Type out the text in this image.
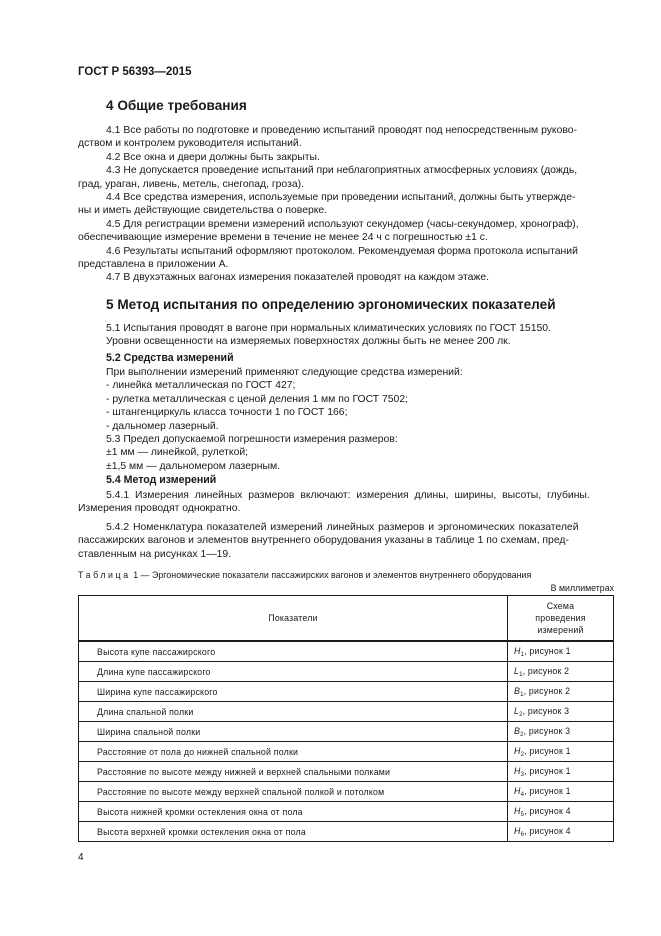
ГОСТ Р 56393—2015
4 Общие требования
4.1 Все работы по подготовке и проведению испытаний проводят под непосредственным руково-
дством и контролем руководителя испытаний.
4.2 Все окна и двери должны быть закрыты.
4.3 Не допускается проведение испытаний при неблагоприятных атмосферных условиях (дождь,
град, ураган, ливень, метель, снегопад, гроза).
4.4 Все средства измерения, используемые при проведении испытаний, должны быть утвержде-
ны и иметь действующие свидетельства о поверке.
4.5 Для регистрации времени измерений используют секундомер (часы-секундомер, хронограф),
обеспечивающие измерение времени в течение не менее 24 ч с погрешностью ±1 с.
4.6 Результаты испытаний оформляют протоколом. Рекомендуемая форма протокола испытаний
представлена в приложении А.
4.7 В двухэтажных вагонах измерения показателей проводят на каждом этаже.
5 Метод испытания по определению эргономических показателей
5.1 Испытания проводят в вагоне при нормальных климатических условиях по ГОСТ 15150.
Уровни освещенности на измеряемых поверхностях должны быть не менее 200 лк.
5.2 Средства измерений
При выполнении измерений применяют следующие средства измерений:
- линейка металлическая по ГОСТ 427;
- рулетка металлическая с ценой деления 1 мм по ГОСТ 7502;
- штангенциркуль класса точности 1 по ГОСТ 166;
- дальномер лазерный.
5.3 Предел допускаемой погрешности измерения размеров:
±1 мм — линейкой, рулеткой;
±1,5 мм — дальномером лазерным.
5.4 Метод измерений
5.4.1 Измерения линейных размеров включают: измерения длины, ширины, высоты, глубины.
Измерения проводят однократно.
5.4.2 Номенклатура показателей измерений линейных размеров и эргономических показателей
пассажирских вагонов и элементов внутреннего оборудования указаны в таблице 1 по схемам, пред-
ставленным на рисунках 1—19.
Таблица 1 — Эргономические показатели пассажирских вагонов и элементов внутреннего оборудования
В миллиметрах
Показатели	Схема проведения измерений
Высота купе пассажирского	$H_1$, рисунок 1
Длина купе пассажирского	$L_1$, рисунок 2
Ширина купе пассажирского	$B_1$, рисунок 2
Длина спальной полки	$L_2$, рисунок 3
Ширина спальной полки	$B_2$, рисунок 3
Расстояние от пола до нижней спальной полки	$H_2$, рисунок 1
Расстояние по высоте между нижней и верхней спальными полками	$H_3$, рисунок 1
Расстояние по высоте между верхней спальной полкой и потолком	$H_4$, рисунок 1
Высота нижней кромки остекления окна от пола	$H_5$, рисунок 4
Высота верхней кромки остекления окна от пола	$H_6$, рисунок 4
4
